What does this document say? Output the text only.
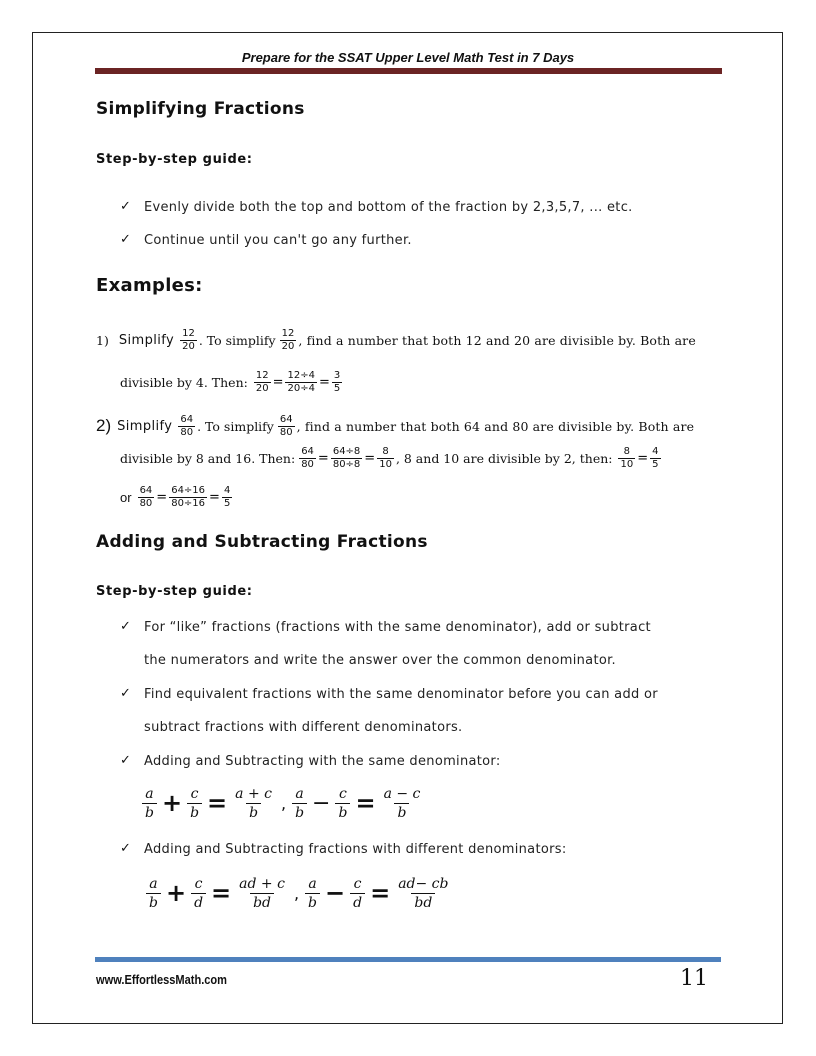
Prepare for the SSAT Upper Level Math Test in 7 Days
Simplifying Fractions
Step-by-step guide:
✓ Evenly divide both the top and bottom of the fraction by 2,3,5,7, ... etc.
✓ Continue until you can't go any further.
Examples:
1) Simplify $\frac{12}{20}$ . To simplify $\frac{12}{20}$ , find a number that both 12 and 20 are divisible by. Both are
divisible by 4. Then: $\frac{12}{20} = \frac{12\div 4}{20\div 4} = \frac{3}{5}$
2) Simplify $\frac{64}{80}$ . To simplify $\frac{64}{80}$ , find a number that both 64 and 80 are divisible by. Both are
divisible by 8 and 16. Then: $\frac{64}{80} = \frac{64\div 8}{80\div 8} = \frac{8}{10}$ , 8 and 10 are divisible by 2, then: $\frac{8}{10} = \frac{4}{5}$
or $\frac{64}{80} = \frac{64\div 16}{80\div 16} = \frac{4}{5}$
Adding and Subtracting Fractions
Step-by-step guide:
✓ For “like” fractions (fractions with the same denominator), add or subtract
the numerators and write the answer over the common denominator.
✓ Find equivalent fractions with the same denominator before you can add or
subtract fractions with different denominators.
✓ Adding and Subtracting with the same denominator:
a
$b + \frac{c}{b} = \frac{a + c}{b}$ , a
$b - \frac{c}{b} = \frac{a - c}{b}$
✓ Adding and Subtracting fractions with different denominators:
a
$b + \frac{c}{d} = \frac{ad + c}{bd}$ , a
$b - \frac{c}{d} = \frac{ad- cb}{bd}$
www.EffortlessMath.com	11
